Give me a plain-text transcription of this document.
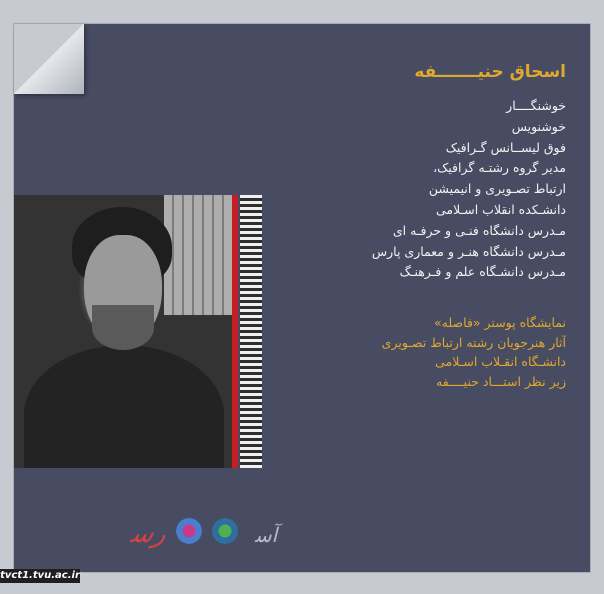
اسحاق حنیـــــــفه

خوشنگــــار

خوشنویس

فوق لیســانس گـرافیک

مدیر گروه رشتـه گرافیک،

ارتباط تصـویری و انیمیشن

دانشـکده انقلاب اسـلامی

مـدرس دانشگاه فنـی و حرفـه ای

مـدرس دانشگاه هنـر و معماری پارس

مـدرس دانشـگاه علم و فـرهنـگ

نمایشگاه پوستر «فاصله»

آثار هنرجویان رشته ارتباط تصـویری

دانشـگاه انقـلاب اسـلامی

زیر نظر استـــاد حنیــــفه

ﺭﺳ	ﺁﺳ
tvct1.tvu.ac.ir
